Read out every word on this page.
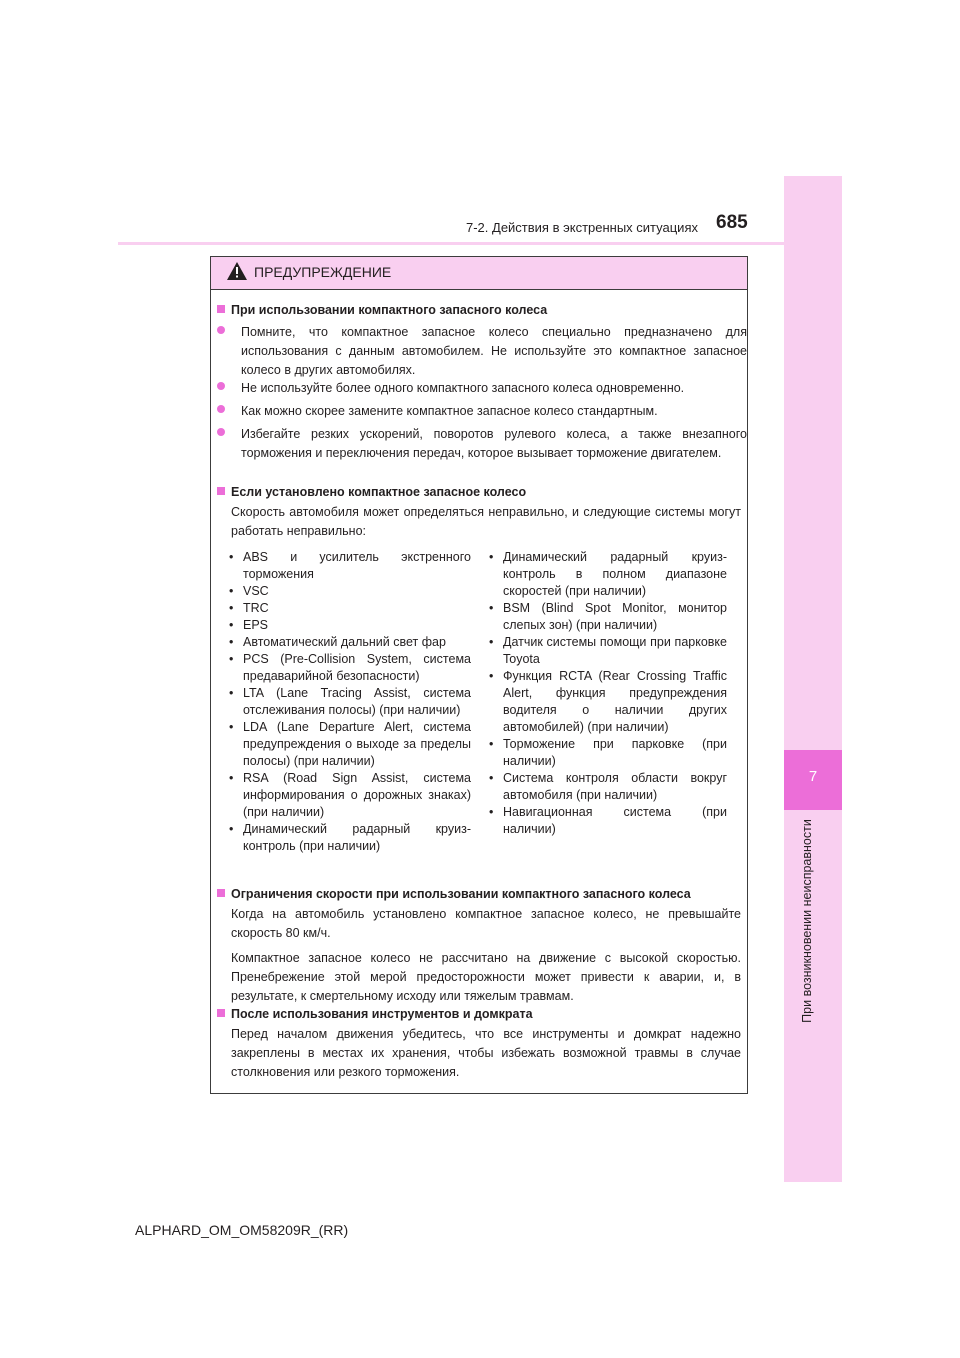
7
При возникновении неисправности
7-2. Действия в экстренных ситуациях 685
ПРЕДУПРЕЖДЕНИЕ
При использовании компактного запасного колеса
Помните, что компактное запасное колесо специально предназначено для использования с данным автомобилем. Не используйте это компактное запасное колесо в других автомобилях.
Не используйте более одного компактного запасного колеса одновременно.
Как можно скорее замените компактное запасное колесо стандартным.
Избегайте резких ускорений, поворотов рулевого колеса, а также внезапного торможения и переключения передач, которое вызывает торможение двигателем.
Если установлено компактное запасное колесо
Скорость автомобиля может определяться неправильно, и следующие системы могут работать неправильно:
• ABS и усилитель экстренного торможения
• VSC
• TRC
• EPS
• Автоматический дальний свет фар
• PCS (Pre-Collision System, система предаварийной безопасности)
• LTA (Lane Tracing Assist, система отслеживания полосы) (при наличии)
• LDA (Lane Departure Alert, система предупреждения о выходе за пределы полосы) (при наличии)
• RSA (Road Sign Assist, система информирования о дорожных знаках) (при наличии)
• Динамический радарный круиз-контроль (при наличии)
• Динамический радарный круиз-контроль в полном диапазоне скоростей (при наличии)
• BSM (Blind Spot Monitor, монитор слепых зон) (при наличии)
• Датчик системы помощи при парковке Toyota
• Функция RCTA (Rear Crossing Traffic Alert, функция предупреждения водителя о наличии других автомобилей) (при наличии)
• Торможение при парковке (при наличии)
• Система контроля области вокруг автомобиля (при наличии)
• Навигационная система (при наличии)
Ограничения скорости при использовании компактного запасного колеса
Когда на автомобиль установлено компактное запасное колесо, не превышайте скорость 80 км/ч.
Компактное запасное колесо не рассчитано на движение с высокой скоростью. Пренебрежение этой мерой предосторожности может привести к аварии, и, в результате, к смертельному исходу или тяжелым травмам.
После использования инструментов и домкрата
Перед началом движения убедитесь, что все инструменты и домкрат надежно закреплены в местах их хранения, чтобы избежать возможной травмы в случае столкновения или резкого торможения.
ALPHARD_OM_OM58209R_(RR)
